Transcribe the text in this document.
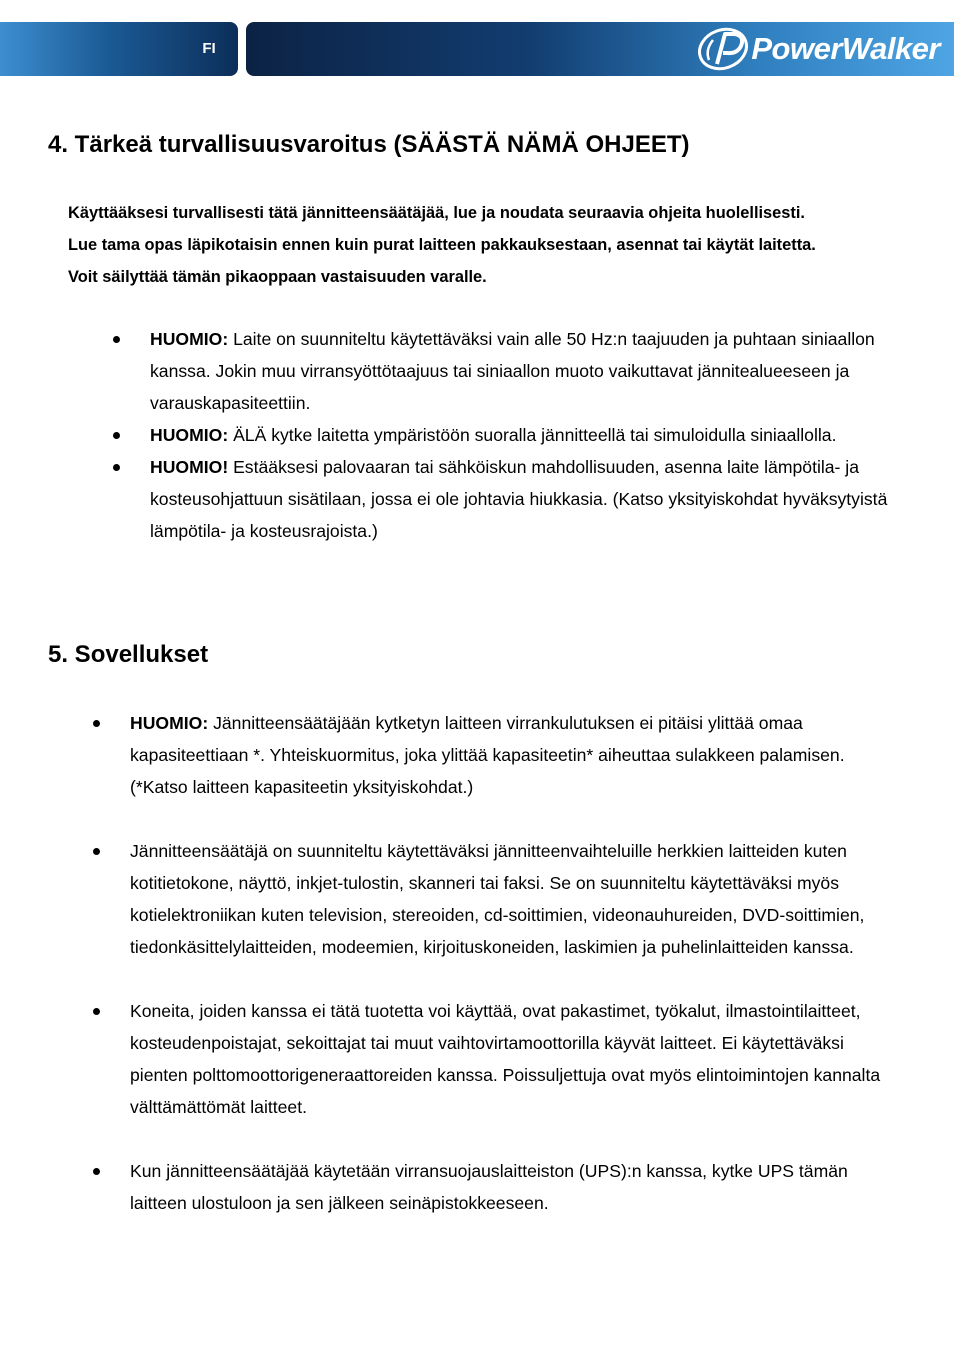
FI	PowerWalker
4. Tärkeä turvallisuusvaroitus (SÄÄSTÄ NÄMÄ OHJEET)
Käyttääksesi turvallisesti tätä jännitteensäätäjää, lue ja noudata seuraavia ohjeita huolellisesti.
Lue tama opas läpikotaisin ennen kuin purat laitteen pakkauksestaan, asennat tai käytät laitetta.
Voit säilyttää tämän pikaoppaan vastaisuuden varalle.
HUOMIO: Laite on suunniteltu käytettäväksi vain alle 50 Hz:n taajuuden ja puhtaan siniaallon kanssa. Jokin muu virransyöttötaajuus tai siniaallon muoto vaikuttavat jännitealueeseen ja varauskapasiteettiin.
HUOMIO: ÄLÄ kytke laitetta ympäristöön suoralla jännitteellä tai simuloidulla siniaallolla.
HUOMIO! Estääksesi palovaaran tai sähköiskun mahdollisuuden, asenna laite lämpötila- ja kosteusohjattuun sisätilaan, jossa ei ole johtavia hiukkasia. (Katso yksityiskohdat hyväksytyistä lämpötila- ja kosteusrajoista.)
5. Sovellukset
HUOMIO: Jännitteensäätäjään kytketyn laitteen virrankulutuksen ei pitäisi ylittää omaa kapasiteettiaan *. Yhteiskuormitus, joka ylittää kapasiteetin* aiheuttaa sulakkeen palamisen.(*Katso laitteen kapasiteetin yksityiskohdat.)
Jännitteensäätäjä on suunniteltu käytettäväksi jännitteenvaihteluille herkkien laitteiden kuten kotitietokone, näyttö, inkjet-tulostin, skanneri tai faksi. Se on suunniteltu käytettäväksi myös kotielektroniikan kuten television, stereoiden, cd-soittimien, videonauhureiden, DVD-soittimien, tiedonkäsittelylaitteiden, modeemien, kirjoituskoneiden, laskimien ja puhelinlaitteiden kanssa.
Koneita, joiden kanssa ei tätä tuotetta voi käyttää, ovat pakastimet, työkalut, ilmastointilaitteet, kosteudenpoistajat, sekoittajat tai muut vaihtovirtamoottorilla käyvät laitteet. Ei käytettäväksi pienten polttomoottorigeneraattoreiden kanssa. Poissuljettuja ovat myös elintoimintojen kannalta välttämättömät laitteet.
Kun jännitteensäätäjää käytetään virransuojauslaitteiston (UPS):n kanssa, kytke UPS tämän laitteen ulostuloon ja sen jälkeen seinäpistokkeeseen.
